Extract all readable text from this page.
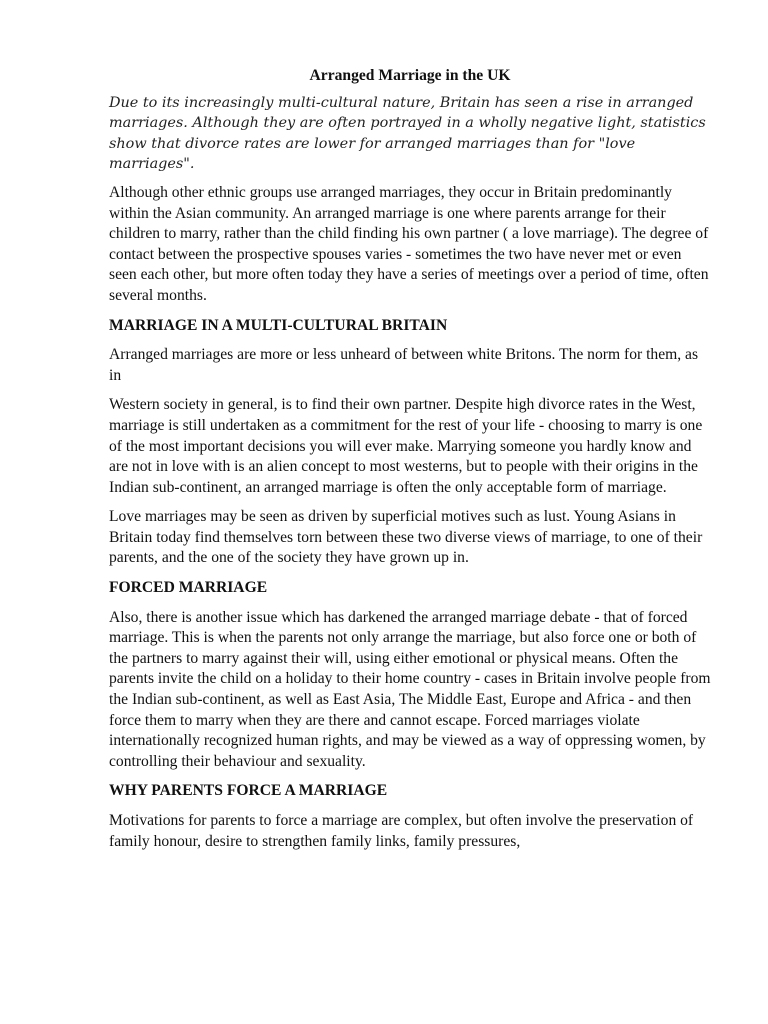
Arranged Marriage in the UK

Due to its increasingly multi-cultural nature, Britain has seen a rise in arranged marriages. Although they are often portrayed in a wholly negative light, statistics show that divorce rates are lower for arranged marriages than for "love marriages".

Although other ethnic groups use arranged marriages, they occur in Britain predominantly within the Asian community. An arranged marriage is one where parents arrange for their children to marry, rather than the child finding his own partner ( a love marriage). The degree of contact between the prospective spouses varies - sometimes the two have never met or even seen each other, but more often today they have a series of meetings over a period of time, often several months.

MARRIAGE IN A MULTI-CULTURAL BRITAIN

Arranged marriages are more or less unheard of between white Britons. The norm for them, as in

Western society in general, is to find their own partner. Despite high divorce rates in the West, marriage is still undertaken as a commitment for the rest of your life - choosing to marry is one of the most important decisions you will ever make. Marrying someone you hardly know and are not in love with is an alien concept to most westerns, but to people with their origins in the Indian sub-continent, an arranged marriage is often the only acceptable form of marriage.

Love marriages may be seen as driven by superficial motives such as lust. Young Asians in Britain today find themselves torn between these two diverse views of marriage, to one of their parents, and the one of the society they have grown up in.

FORCED MARRIAGE

Also, there is another issue which has darkened the arranged marriage debate - that of forced marriage. This is when the parents not only arrange the marriage, but also force one or both of the partners to marry against their will, using either emotional or physical means. Often the parents invite the child on a holiday to their home country - cases in Britain involve people from the Indian sub-continent, as well as East Asia, The Middle East, Europe and Africa - and then force them to marry when they are there and cannot escape. Forced marriages violate internationally recognized human rights, and may be viewed as a way of oppressing women, by controlling their behaviour and sexuality.

WHY PARENTS FORCE A MARRIAGE

Motivations for parents to force a marriage are complex, but often involve the preservation of family honour, desire to strengthen family links, family pressures,
